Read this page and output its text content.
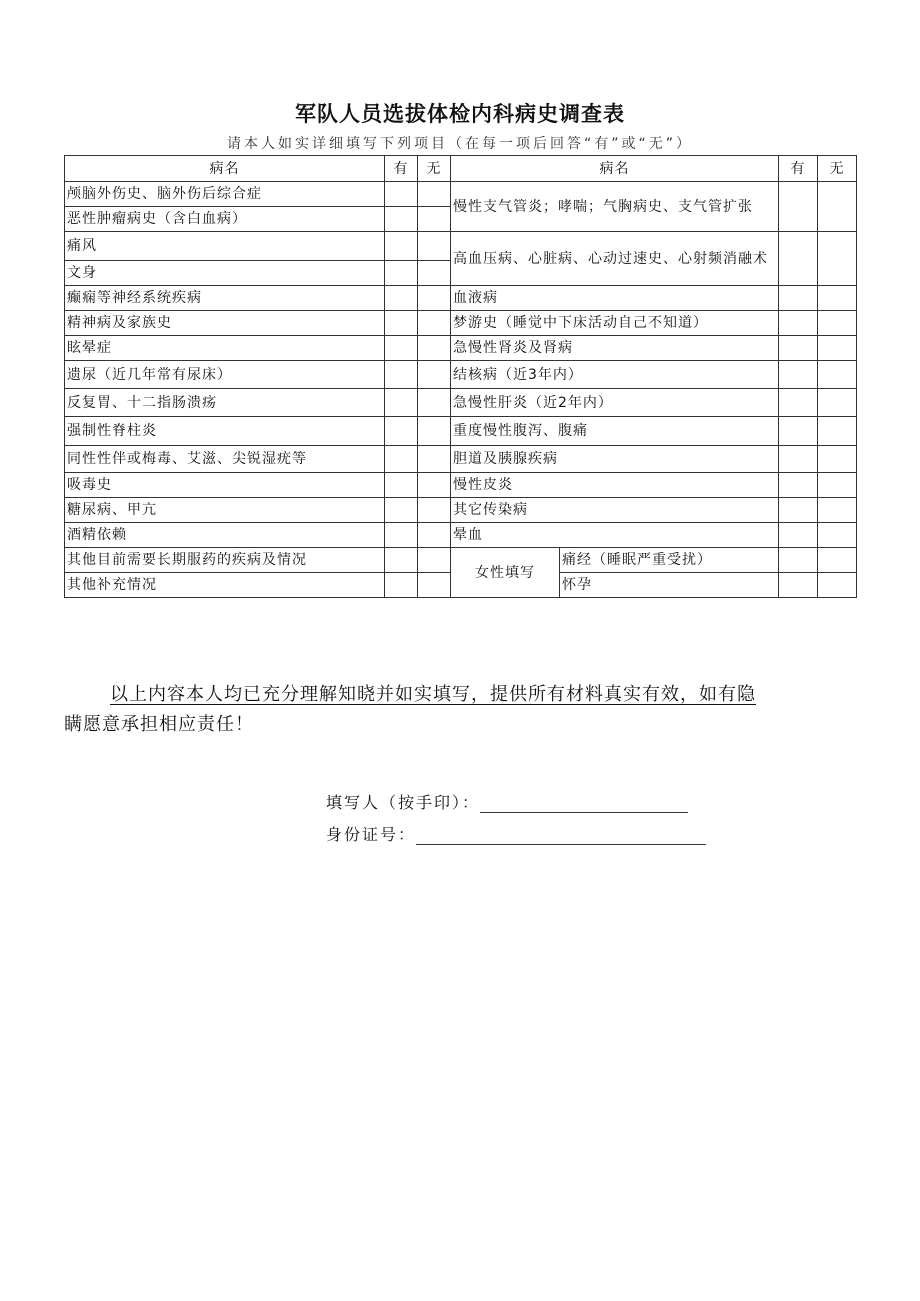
军队人员选拔体检内科病史调查表
请本人如实详细填写下列项目（在每一项后回答“有”或“无”）
病名	有	无	病名		有	无
颅脑外伤史、脑外伤后综合症			慢性支气管炎；哮喘；气胸病史、支气管扩张			
恶性肿瘤病史（含白血病）						
痛风			高血压病、心脏病、心动过速史、心射频消融术			
文身						
癫痫等神经系统疾病			血液病			
精神病及家族史			梦游史（睡觉中下床活动自己不知道）			
眩晕症			急慢性肾炎及肾病			
遗尿（近几年常有尿床）			结核病（近3年内）			
反复胃、十二指肠溃疡			急慢性肝炎（近2年内）			
强制性脊柱炎			重度慢性腹泻、腹痛			
同性性伴或梅毒、艾滋、尖锐湿疣等			胆道及胰腺疾病			
吸毒史			慢性皮炎			
糖尿病、甲亢			其它传染病			
酒精依赖			晕血			
其他目前需要长期服药的疾病及情况			女性填写	痛经（睡眠严重受扰）		
其他补充情况				怀孕		
以上内容本人均已充分理解知晓并如实填写，提供所有材料真实有效，如有隐
瞒愿意承担相应责任！
填写人（按手印）：
身份证号：
